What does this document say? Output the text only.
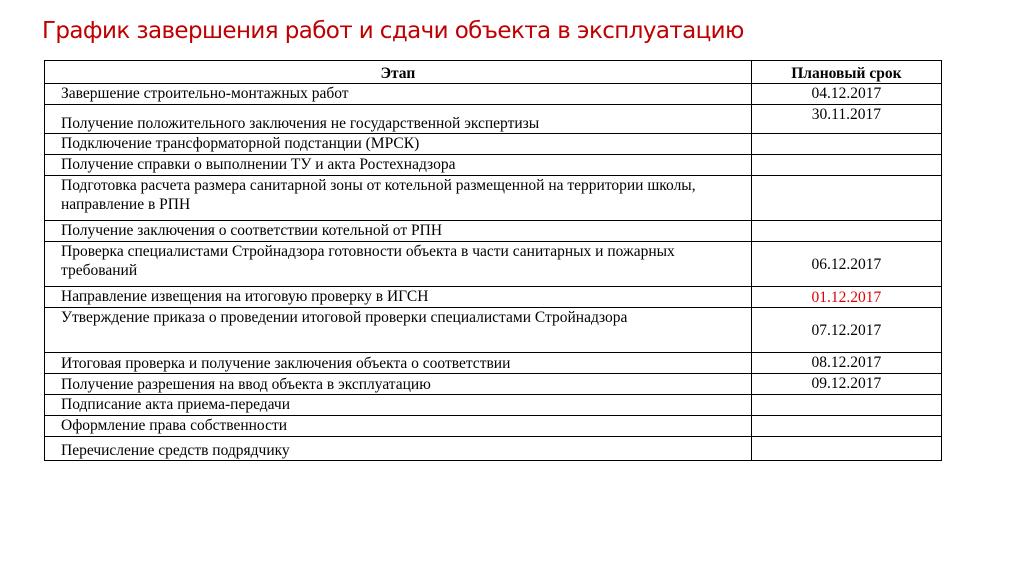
График завершения работ и сдачи объекта в эксплуатацию
Этап	Плановый срок
Завершение строительно-монтажных работ	04.12.2017
Получение положительного заключения не государственной экспертизы	30.11.2017
Подключение трансформаторной подстанции (МРСК)	
Получение справки о выполнении ТУ и акта Ростехнадзора	
Подготовка расчета размера санитарной зоны от котельной размещенной на территории школы, направление в РПН	
Получение заключения о соответствии котельной от РПН	
Проверка специалистами Стройнадзора готовности объекта в части санитарных и пожарных требований	06.12.2017
Направление извещения на итоговую проверку в ИГСН	01.12.2017
Утверждение приказа о проведении итоговой проверки специалистами Стройнадзора	07.12.2017
Итоговая проверка и получение заключения объекта о соответствии	08.12.2017
Получение разрешения на ввод объекта в эксплуатацию	09.12.2017
Подписание акта приема-передачи	
Оформление права собственности	
Перечисление средств подрядчику	
